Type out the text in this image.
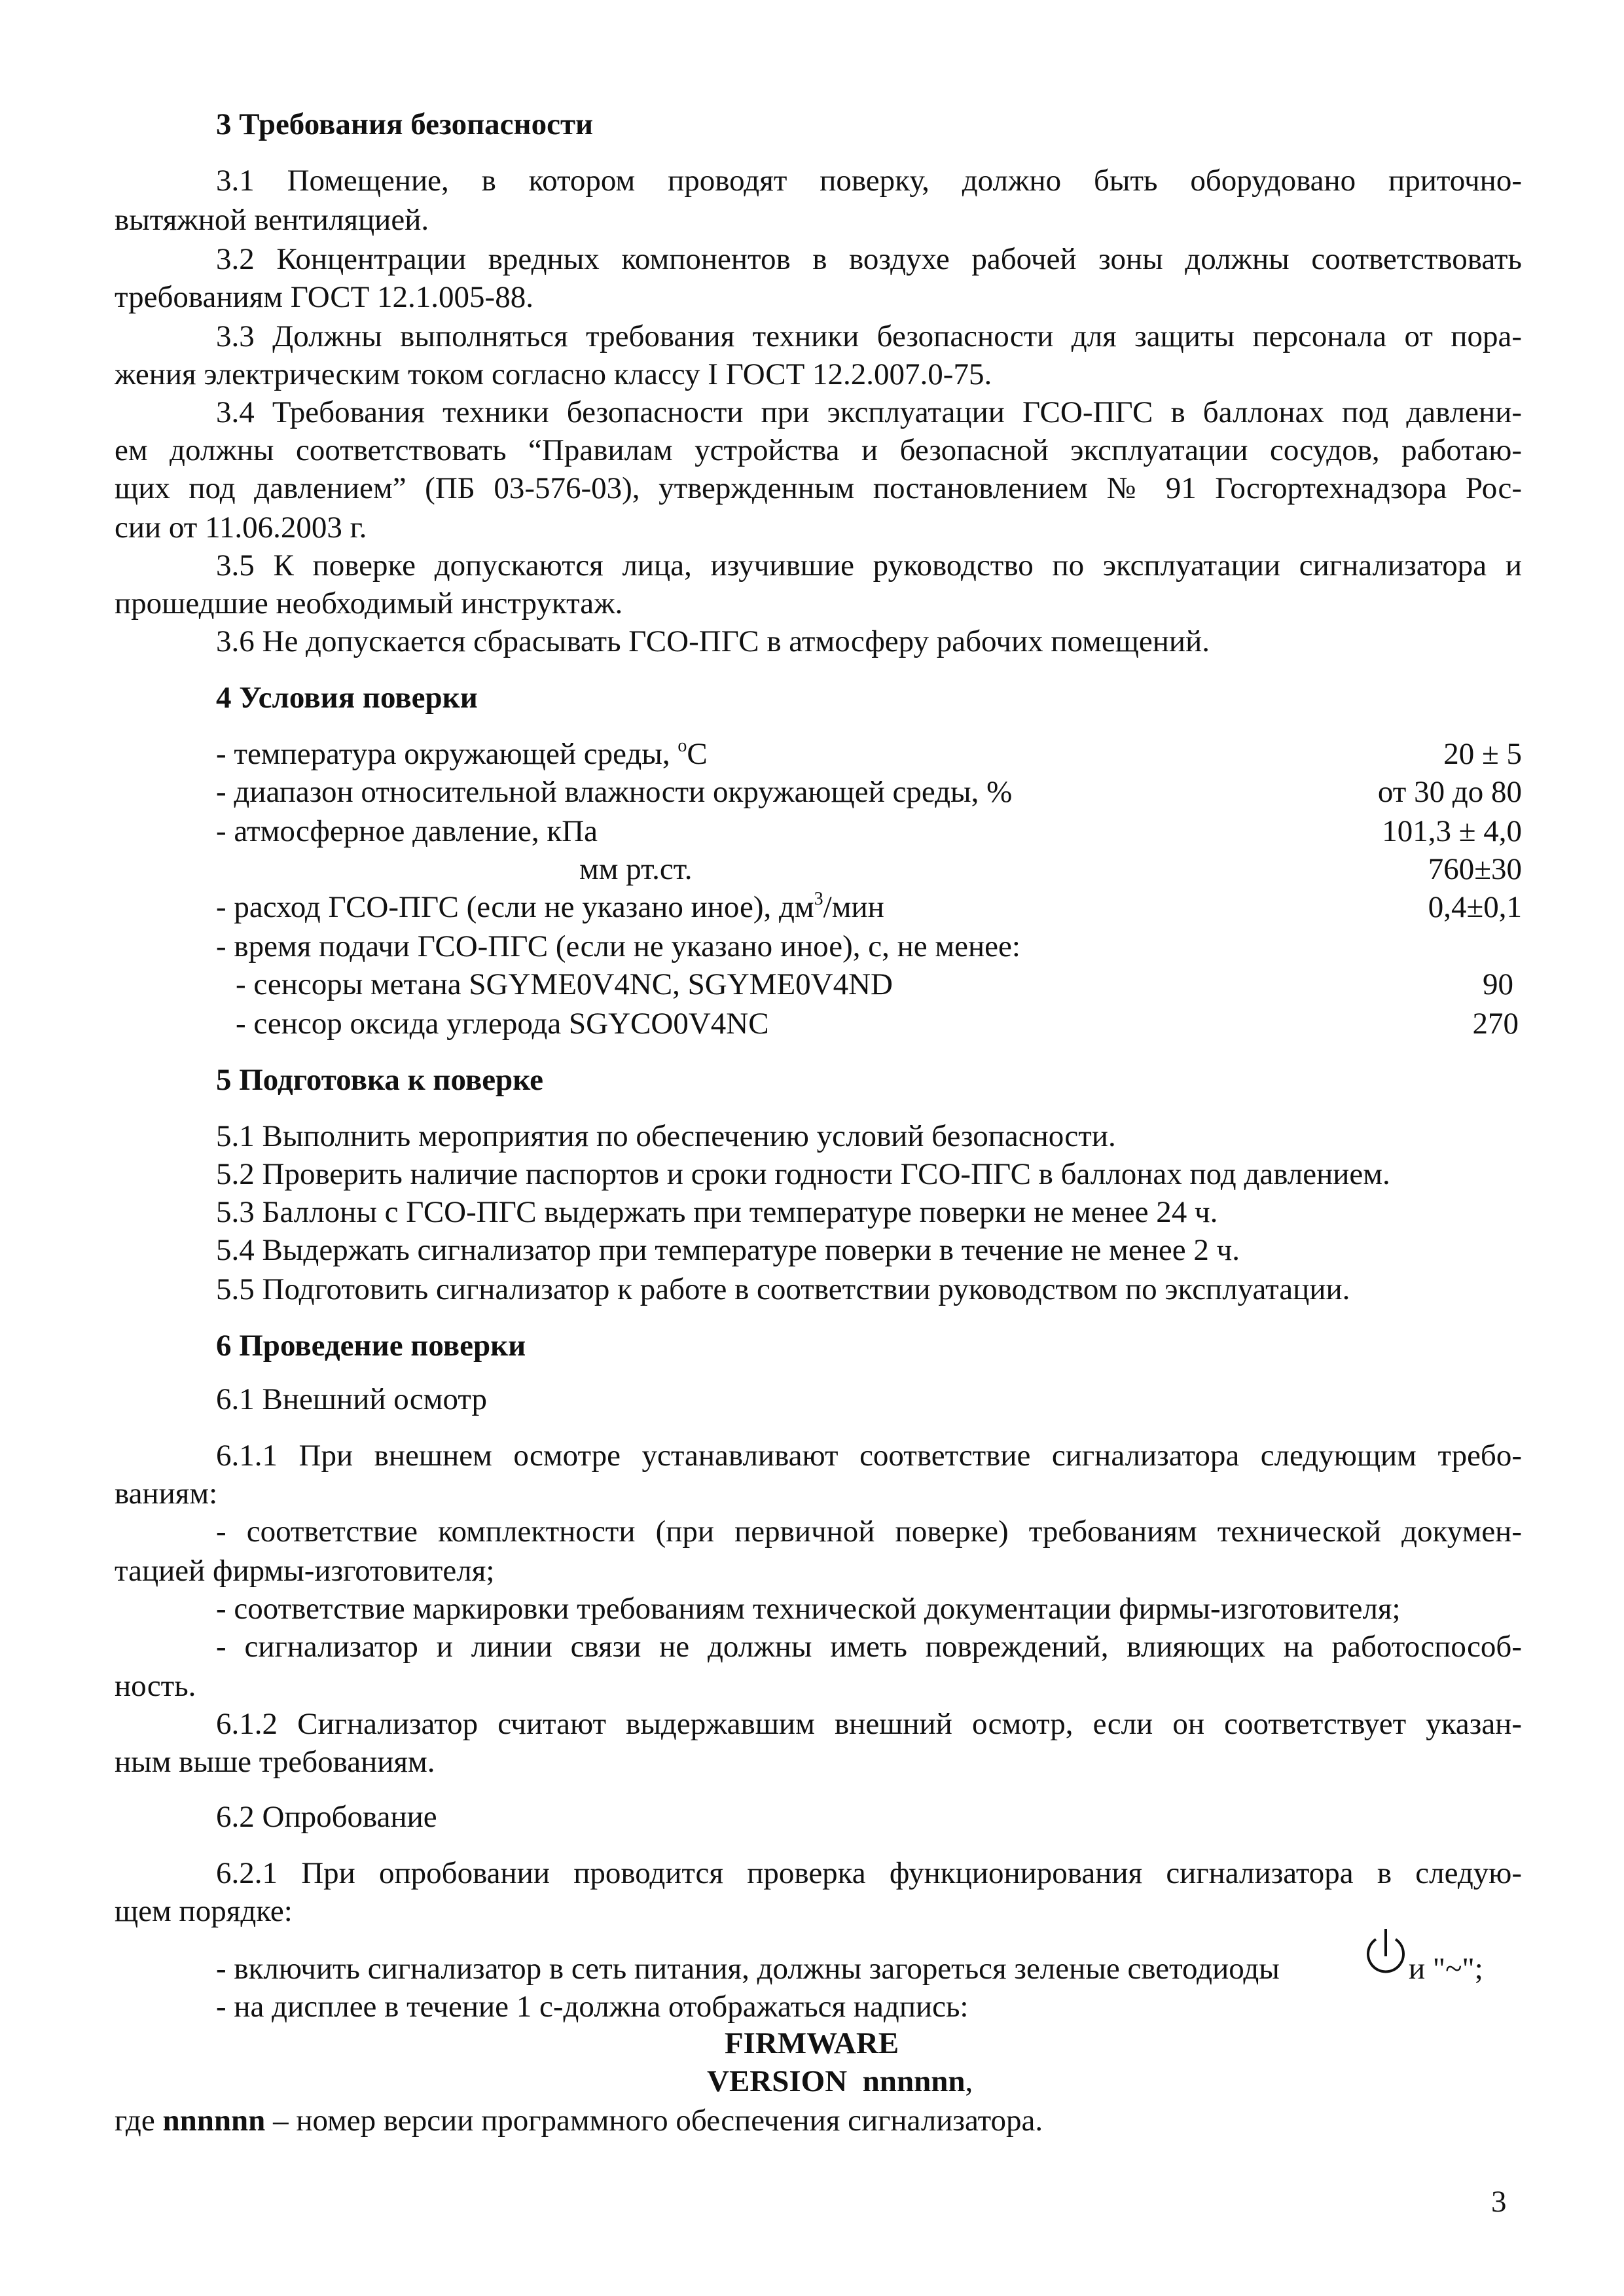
3 Требования безопасности
3.1 Помещение, в котором проводят поверку, должно быть оборудовано приточно-
вытяжной вентиляцией.
3.2 Концентрации вредных компонентов в воздухе рабочей зоны должны соответствовать
требованиям ГОСТ 12.1.005-88.
3.3 Должны выполняться требования техники безопасности для защиты персонала от пора-
жения электрическим током согласно классу I ГОСТ 12.2.007.0-75.
3.4 Требования техники безопасности при эксплуатации ГСО-ПГС в баллонах под давлени-
ем должны соответствовать “Правилам устройства и безопасной эксплуатации сосудов, работаю-
щих под давлением” (ПБ 03-576-03), утвержденным постановлением № 91 Госгортехнадзора Рос-
сии от 11.06.2003 г.
3.5 К поверке допускаются лица, изучившие руководство по эксплуатации сигнализатора и
прошедшие необходимый инструктаж.
3.6 Не допускается сбрасывать ГСО-ПГС в атмосферу рабочих помещений.
4 Условия поверки
- температура окружающей среды, $^o$С	20 ± 5
- диапазон относительной влажности окружающей среды, %	от 30 до 80
- атмосферное давление, кПа	101,3 ± 4,0
мм рт.ст.	760±30
- расход ГСО-ПГС (если не указано иное), $дм^3$/мин	0,4±0,1
- время подачи ГСО-ПГС (если не указано иное), с, не менее:
- сенсоры метана SGYME0V4NC, SGYME0V4ND	90
- сенсор оксида углерода SGYCO0V4NC	270
5 Подготовка к поверке
5.1 Выполнить мероприятия по обеспечению условий безопасности.
5.2 Проверить наличие паспортов и сроки годности ГСО-ПГС в баллонах под давлением.
5.3 Баллоны с ГСО-ПГС выдержать при температуре поверки не менее 24 ч.
5.4 Выдержать сигнализатор при температуре поверки в течение не менее 2 ч.
5.5 Подготовить сигнализатор к работе в соответствии руководством по эксплуатации.
6 Проведение поверки
6.1 Внешний осмотр
6.1.1 При внешнем осмотре устанавливают соответствие сигнализатора следующим требо-
ваниям:
- соответствие комплектности (при первичной поверке) требованиям технической докумен-
тацией фирмы-изготовителя;
- соответствие маркировки требованиям технической документации фирмы-изготовителя;
- сигнализатор и линии связи не должны иметь повреждений, влияющих на работоспособ-
ность.
6.1.2 Сигнализатор считают выдержавшим внешний осмотр, если он соответствует указан-
ным выше требованиям.
6.2 Опробование
6.2.1 При опробовании проводится проверка функционирования сигнализатора в следую-
щем порядке:
- включить сигнализатор в сеть питания, должны загореться зеленые светодиоды	и "~";
- на дисплее в течение 1 с-должна отображаться надпись:
FIRMWARE
VERSION  nnnnnn,
где nnnnnn – номер версии программного обеспечения сигнализатора.
3
